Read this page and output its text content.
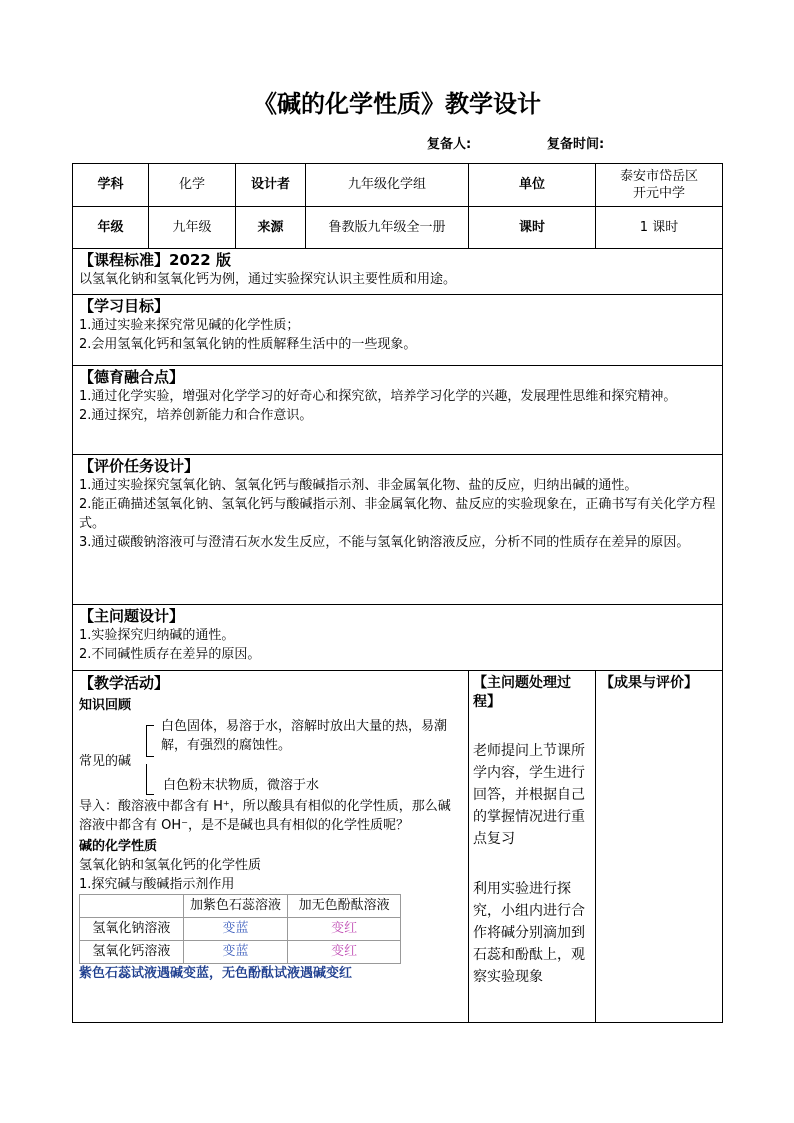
《碱的化学性质》教学设计
复备人:	复备时间:
学科	化学	设计者	九年级化学组	单位	泰安市岱岳区开元中学
年级	九年级	来源	鲁教版九年级全一册	课时	1 课时

【课程标准】2022 版

以氢氧化钠和氢氧化钙为例，通过实验探究认识主要性质和用途。

【学习目标】

1.通过实验来探究常见碱的化学性质；

2.会用氢氧化钙和氢氧化钠的性质解释生活中的一些现象。

【德育融合点】

1.通过化学实验，增强对化学学习的好奇心和探究欲，培养学习化学的兴趣，发展理性思维和探究精神。

2.通过探究，培养创新能力和合作意识。

【评价任务设计】

1.通过实验探究氢氧化钠、氢氧化钙与酸碱指示剂、非金属氧化物、盐的反应，归纳出碱的通性。

2.能正确描述氢氧化钠、氢氧化钙与酸碱指示剂、非金属氧化物、盐反应的实验现象在，正确书写有关化学方程式。

3.通过碳酸钠溶液可与澄清石灰水发生反应，不能与氢氧化钠溶液反应，分析不同的性质存在差异的原因。

【主问题设计】

1.实验探究归纳碱的通性。

2.不同碱性质存在差异的原因。

【教学活动】
知识回顾
常见的碱
白色固体，易溶于水，溶解时放出大量的热，易潮解，有强烈的腐蚀性。
白色粉末状物质，微溶于水

导入：酸溶液中都含有 H⁺，所以酸具有相似的化学性质，那么碱溶液中都含有 OH⁻，是不是碱也具有相似的化学性质呢？

碱的化学性质

氢氧化钠和氢氧化钙的化学性质

1.探究碱与酸碱指示剂作用

	加紫色石蕊溶液	加无色酚酞溶液
氢氧化钠溶液	变蓝	变红
氢氧化钙溶液	变蓝	变红
紫色石蕊试液遇碱变蓝，无色酚酞试液遇碱变红

【主问题处理过程】

老师提问上节课所学内容，学生进行回答，并根据自己的掌握情况进行重点复习

利用实验进行探究，小组内进行合作将碱分别滴加到石蕊和酚酞上，观察实验现象

【成果与评价】
